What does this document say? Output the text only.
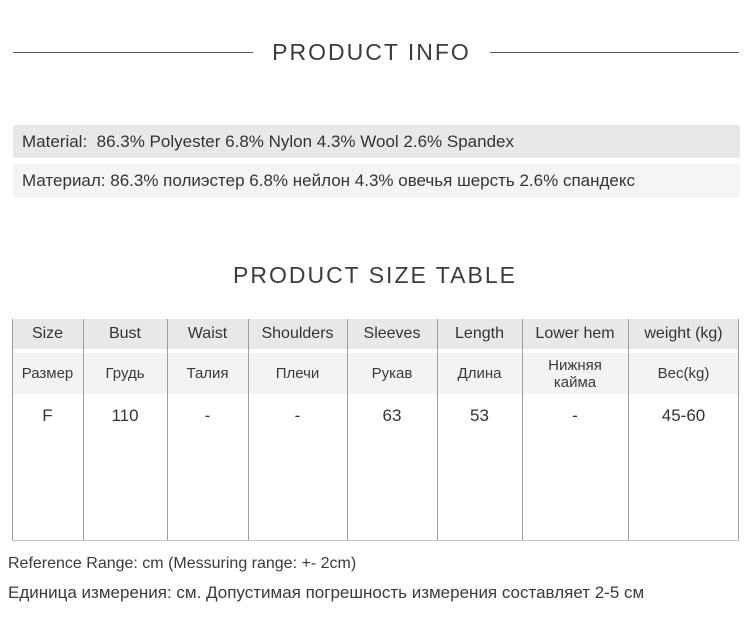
PRODUCT INFO
Material:  86.3% Polyester 6.8% Nylon 4.3% Wool 2.6% Spandex
Материал: 86.3% полиэстер 6.8% нейлон 4.3% овечья шерсть 2.6% спандекс
PRODUCT SIZE TABLE
Size	Bust	Waist	Shoulders	Sleeves	Length	Lower hem	weight (kg)
Размер	Грудь	Талия	Плечи	Рукав	Длина	Нижняя кайма	Вес(kg)
F	110	-	-	63	53	-	45-60
Reference Range: cm (Messuring range: +- 2cm)
Единица измерения: см. Допустимая погрешность измерения составляет 2-5 см
